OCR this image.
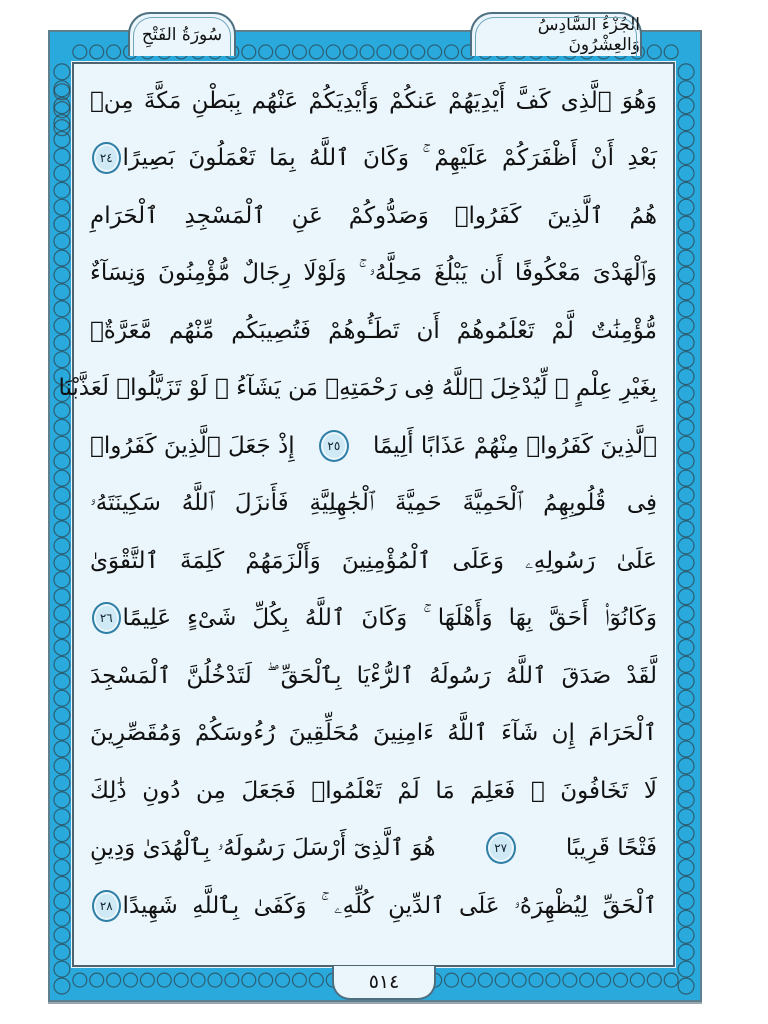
الجُزْءُ السَّادِسُ وَالعِشْرُونَ
سُورَةُ الفَتْحِ
وَهُوَ ٱلَّذِى كَفَّ أَيْدِيَهُمْ عَنكُمْ وَأَيْدِيَكُمْ عَنْهُم بِبَطْنِ مَكَّةَ مِنۢ
بَعْدِ أَنْ أَظْفَرَكُمْ عَلَيْهِمْ ۚ وَكَانَ ٱللَّهُ بِمَا تَعْمَلُونَ بَصِيرًا
٢٤
هُمُ ٱلَّذِينَ كَفَرُوا۟ وَصَدُّوكُمْ عَنِ ٱلْمَسْجِدِ ٱلْحَرَامِ
وَٱلْهَدْىَ مَعْكُوفًا أَن يَبْلُغَ مَحِلَّهُۥ ۚ وَلَوْلَا رِجَالٌ مُّؤْمِنُونَ وَنِسَآءٌ
مُّؤْمِنَٰتٌ لَّمْ تَعْلَمُوهُمْ أَن تَطَـُٔوهُمْ فَتُصِيبَكُم مِّنْهُم مَّعَرَّةٌۢ
بِغَيْرِ عِلْمٍ ۖ لِّيُدْخِلَ ٱللَّهُ فِى رَحْمَتِهِۦ مَن يَشَآءُ ۚ لَوْ تَزَيَّلُوا۟ لَعَذَّبْنَا
ٱلَّذِينَ كَفَرُوا۟ مِنْهُمْ عَذَابًا أَلِيمًا
٢٥
إِذْ جَعَلَ ٱلَّذِينَ كَفَرُوا۟
فِى قُلُوبِهِمُ ٱلْحَمِيَّةَ حَمِيَّةَ ٱلْجَٰهِلِيَّةِ فَأَنزَلَ ٱللَّهُ سَكِينَتَهُۥ
عَلَىٰ رَسُولِهِۦ وَعَلَى ٱلْمُؤْمِنِينَ وَأَلْزَمَهُمْ كَلِمَةَ ٱلتَّقْوَىٰ
وَكَانُوٓا۟ أَحَقَّ بِهَا وَأَهْلَهَا ۚ وَكَانَ ٱللَّهُ بِكُلِّ شَىْءٍ عَلِيمًا
٢٦
لَّقَدْ صَدَقَ ٱللَّهُ رَسُولَهُ ٱلرُّءْيَا بِٱلْحَقِّ ۖ لَتَدْخُلُنَّ ٱلْمَسْجِدَ
ٱلْحَرَامَ إِن شَآءَ ٱللَّهُ ءَامِنِينَ مُحَلِّقِينَ رُءُوسَكُمْ وَمُقَصِّرِينَ
لَا تَخَافُونَ ۖ فَعَلِمَ مَا لَمْ تَعْلَمُوا۟ فَجَعَلَ مِن دُونِ ذَٰلِكَ
فَتْحًا قَرِيبًا
٢٧
هُوَ ٱلَّذِىٓ أَرْسَلَ رَسُولَهُۥ بِٱلْهُدَىٰ وَدِينِ
ٱلْحَقِّ لِيُظْهِرَهُۥ عَلَى ٱلدِّينِ كُلِّهِۦ ۚ وَكَفَىٰ بِٱللَّهِ شَهِيدًا
٢٨
٥١٤
